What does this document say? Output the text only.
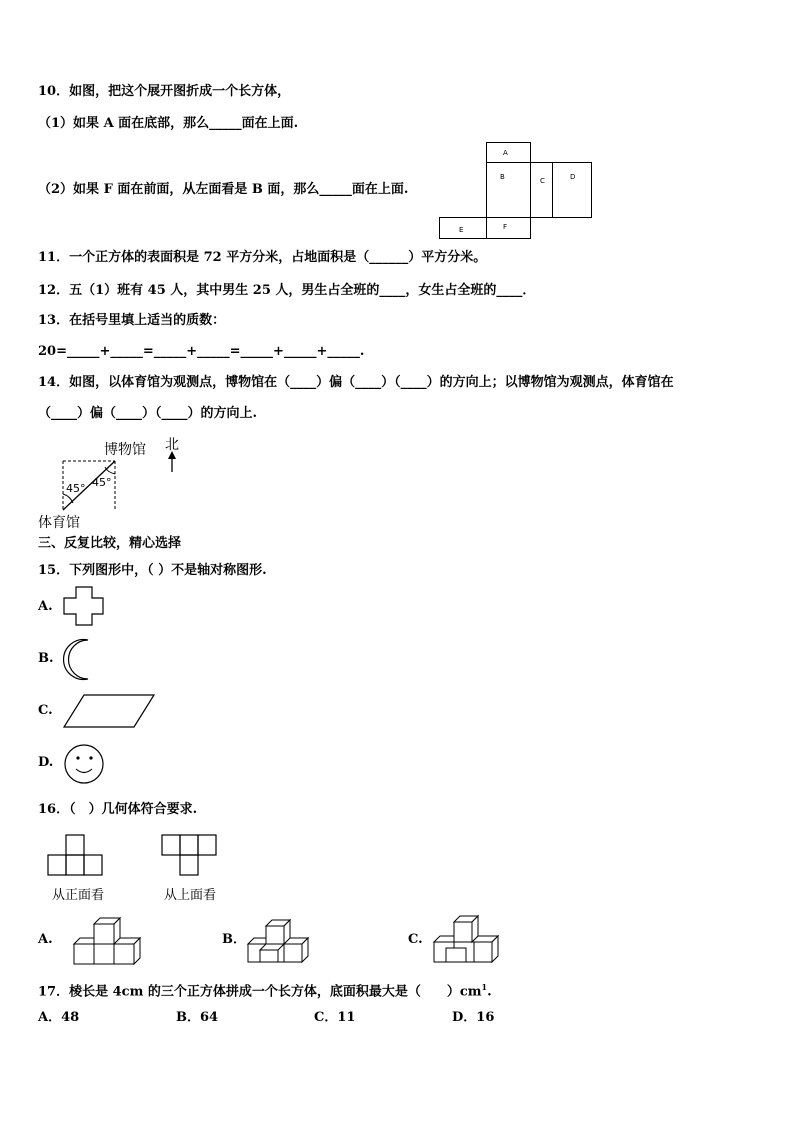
10．如图，把这个展开图折成一个长方体，
（1）如果 A 面在底部，那么_____面在上面.
（2）如果 F 面在前面，从左面看是 B 面，那么_____面在上面.
A
B	C	D
E	F
11．一个正方体的表面积是 72 平方分米，占地面积是（______）平方分米。
12．五（1）班有 45 人，其中男生 25 人，男生占全班的____，女生占全班的____．
13．在括号里填上适当的质数：
20=_____+_____=_____+_____=_____+_____+_____.
14．如图，以体育馆为观测点，博物馆在（____）偏（____）（____）的方向上；以博物馆为观测点，体育馆在
（____）偏（____）（____）的方向上.
博物馆 北
45° 45°
体育馆
三、反复比较，精心选择
15．下列图形中，（ ）不是轴对称图形.
A.
B.
C.
D.
16．（　）几何体符合要求.
从正面看	从上面看
A.	B．	C.
17．棱长是 4cm 的三个正方体拼成一个长方体，底面积最大是（　　）$cm^1$.
A．48	B．64	C．11	D．16
